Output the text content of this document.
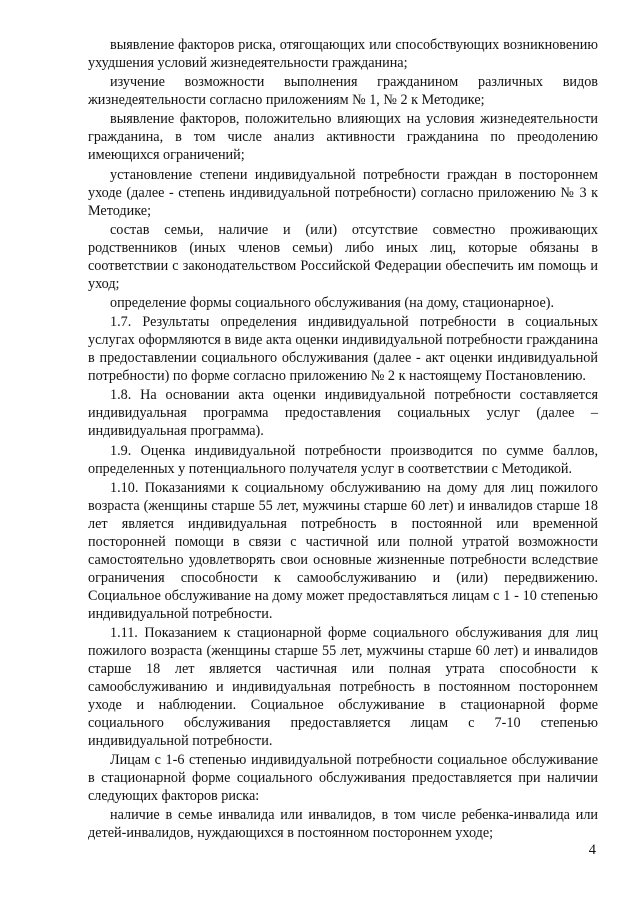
выявление факторов риска, отягощающих или способствующих возникновению ухудшения условий жизнедеятельности гражданина;

изучение возможности выполнения гражданином различных видов жизнедеятельности согласно приложениям № 1, № 2 к Методике;

выявление факторов, положительно влияющих на условия жизнедеятельности гражданина, в том числе анализ активности гражданина по преодолению имеющихся ограничений;

установление степени индивидуальной потребности граждан в постороннем уходе (далее - степень индивидуальной потребности) согласно приложению № 3 к Методике;

состав семьи, наличие и (или) отсутствие совместно проживающих родственников (иных членов семьи) либо иных лиц, которые обязаны в соответствии с законодательством Российской Федерации обеспечить им помощь и уход;

определение формы социального обслуживания (на дому, стационарное).

1.7. Результаты определения индивидуальной потребности в социальных услугах оформляются в виде акта оценки индивидуальной потребности гражданина в предоставлении социального обслуживания (далее - акт оценки индивидуальной потребности) по форме согласно приложению № 2 к настоящему Постановлению.

1.8. На основании акта оценки индивидуальной потребности составляется индивидуальная программа предоставления социальных услуг (далее – индивидуальная программа).

1.9. Оценка индивидуальной потребности производится по сумме баллов, определенных у потенциального получателя услуг в соответствии с Методикой.

1.10. Показаниями к социальному обслуживанию на дому для лиц пожилого возраста (женщины старше 55 лет, мужчины старше 60 лет) и инвалидов старше 18 лет является индивидуальная потребность в постоянной или временной посторонней помощи в связи с частичной или полной утратой возможности самостоятельно удовлетворять свои основные жизненные потребности вследствие ограничения способности к самообслуживанию и (или) передвижению. Социальное обслуживание на дому может предоставляться лицам с 1 - 10 степенью индивидуальной потребности.

1.11. Показанием к стационарной форме социального обслуживания для лиц пожилого возраста (женщины старше 55 лет, мужчины старше 60 лет) и инвалидов старше 18 лет является частичная или полная утрата способности к самообслуживанию и индивидуальная потребность в постоянном постороннем уходе и наблюдении. Социальное обслуживание в стационарной форме социального обслуживания предоставляется лицам с 7-10 степенью индивидуальной потребности.

Лицам с 1-6 степенью индивидуальной потребности социальное обслуживание в стационарной форме социального обслуживания предоставляется при наличии следующих факторов риска:

наличие в семье инвалида или инвалидов, в том числе ребенка-инвалида или детей-инвалидов, нуждающихся в постоянном постороннем уходе;

4
